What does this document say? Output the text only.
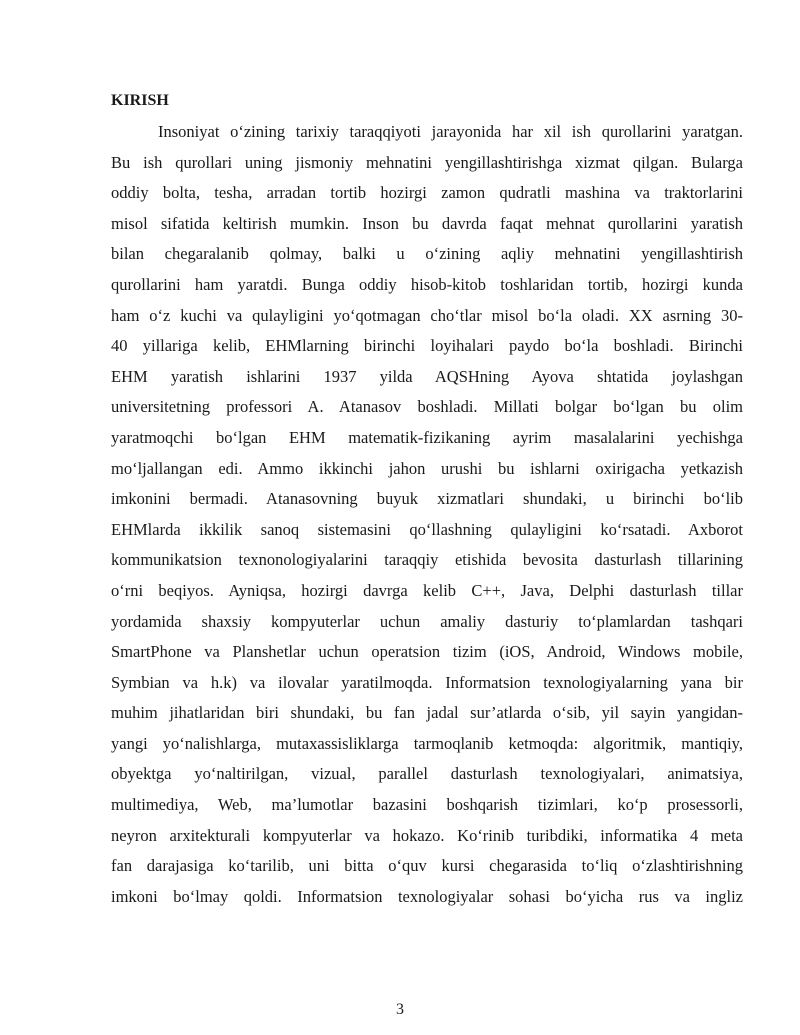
KIRISH
Insoniyat o‘zining tarixiy taraqqiyoti jarayonida har xil ish qurollarini yaratgan.
Bu ish qurollari uning jismoniy mehnatini yengillashtirishga xizmat qilgan. Bularga
oddiy bolta, tesha, arradan tortib hozirgi zamon qudratli mashina va traktorlarini
misol sifatida keltirish mumkin. Inson bu davrda faqat mehnat qurollarini yaratish
bilan chegaralanib qolmay, balki u o‘zining aqliy mehnatini yengillashtirish
qurollarini ham yaratdi. Bunga oddiy hisob-kitob toshlaridan tortib, hozirgi kunda
ham o‘z kuchi va qulayligini yo‘qotmagan cho‘tlar misol bo‘la oladi. XX asrning 30-
40 yillariga kelib, EHMlarning birinchi loyihalari paydo bo‘la boshladi. Birinchi
EHM yaratish ishlarini 1937 yilda AQSHning Ayova shtatida joylashgan
universitetning professori A. Atanasov boshladi. Millati bolgar bo‘lgan bu olim
yaratmoqchi bo‘lgan EHM matematik-fizikaning ayrim masalalarini yechishga
mo‘ljallangan edi. Ammo ikkinchi jahon urushi bu ishlarni oxirigacha yetkazish
imkonini bermadi. Atanasovning buyuk xizmatlari shundaki, u birinchi bo‘lib
EHMlarda ikkilik sanoq sistemasini qo‘llashning qulayligini ko‘rsatadi. Axborot
kommunikatsion texnonologiyalarini taraqqiy etishida bevosita dasturlash tillarining
o‘rni beqiyos. Ayniqsa, hozirgi davrga kelib C++, Java, Delphi dasturlash tillar
yordamida shaxsiy kompyuterlar uchun amaliy dasturiy to‘plamlardan tashqari
SmartPhone va Planshetlar uchun operatsion tizim (iOS, Android, Windows mobile,
Symbian va h.k) va ilovalar yaratilmoqda. Informatsion texnologiyalarning yana bir
muhim jihatlaridan biri shundaki, bu fan jadal sur’atlarda o‘sib, yil sayin yangidan-
yangi yo‘nalishlarga, mutaxassisliklarga tarmoqlanib ketmoqda: algoritmik, mantiqiy,
obyektga yo‘naltirilgan, vizual, parallel dasturlash texnologiyalari, animatsiya,
multimediya, Web, ma’lumotlar bazasini boshqarish tizimlari, ko‘p prosessorli,
neyron arxitekturali kompyuterlar va hokazo. Ko‘rinib turibdiki, informatika 4 meta
fan darajasiga ko‘tarilib, uni bitta o‘quv kursi chegarasida to‘liq o‘zlashtirishning
imkoni bo‘lmay qoldi. Informatsion texnologiyalar sohasi bo‘yicha rus va ingliz
3
